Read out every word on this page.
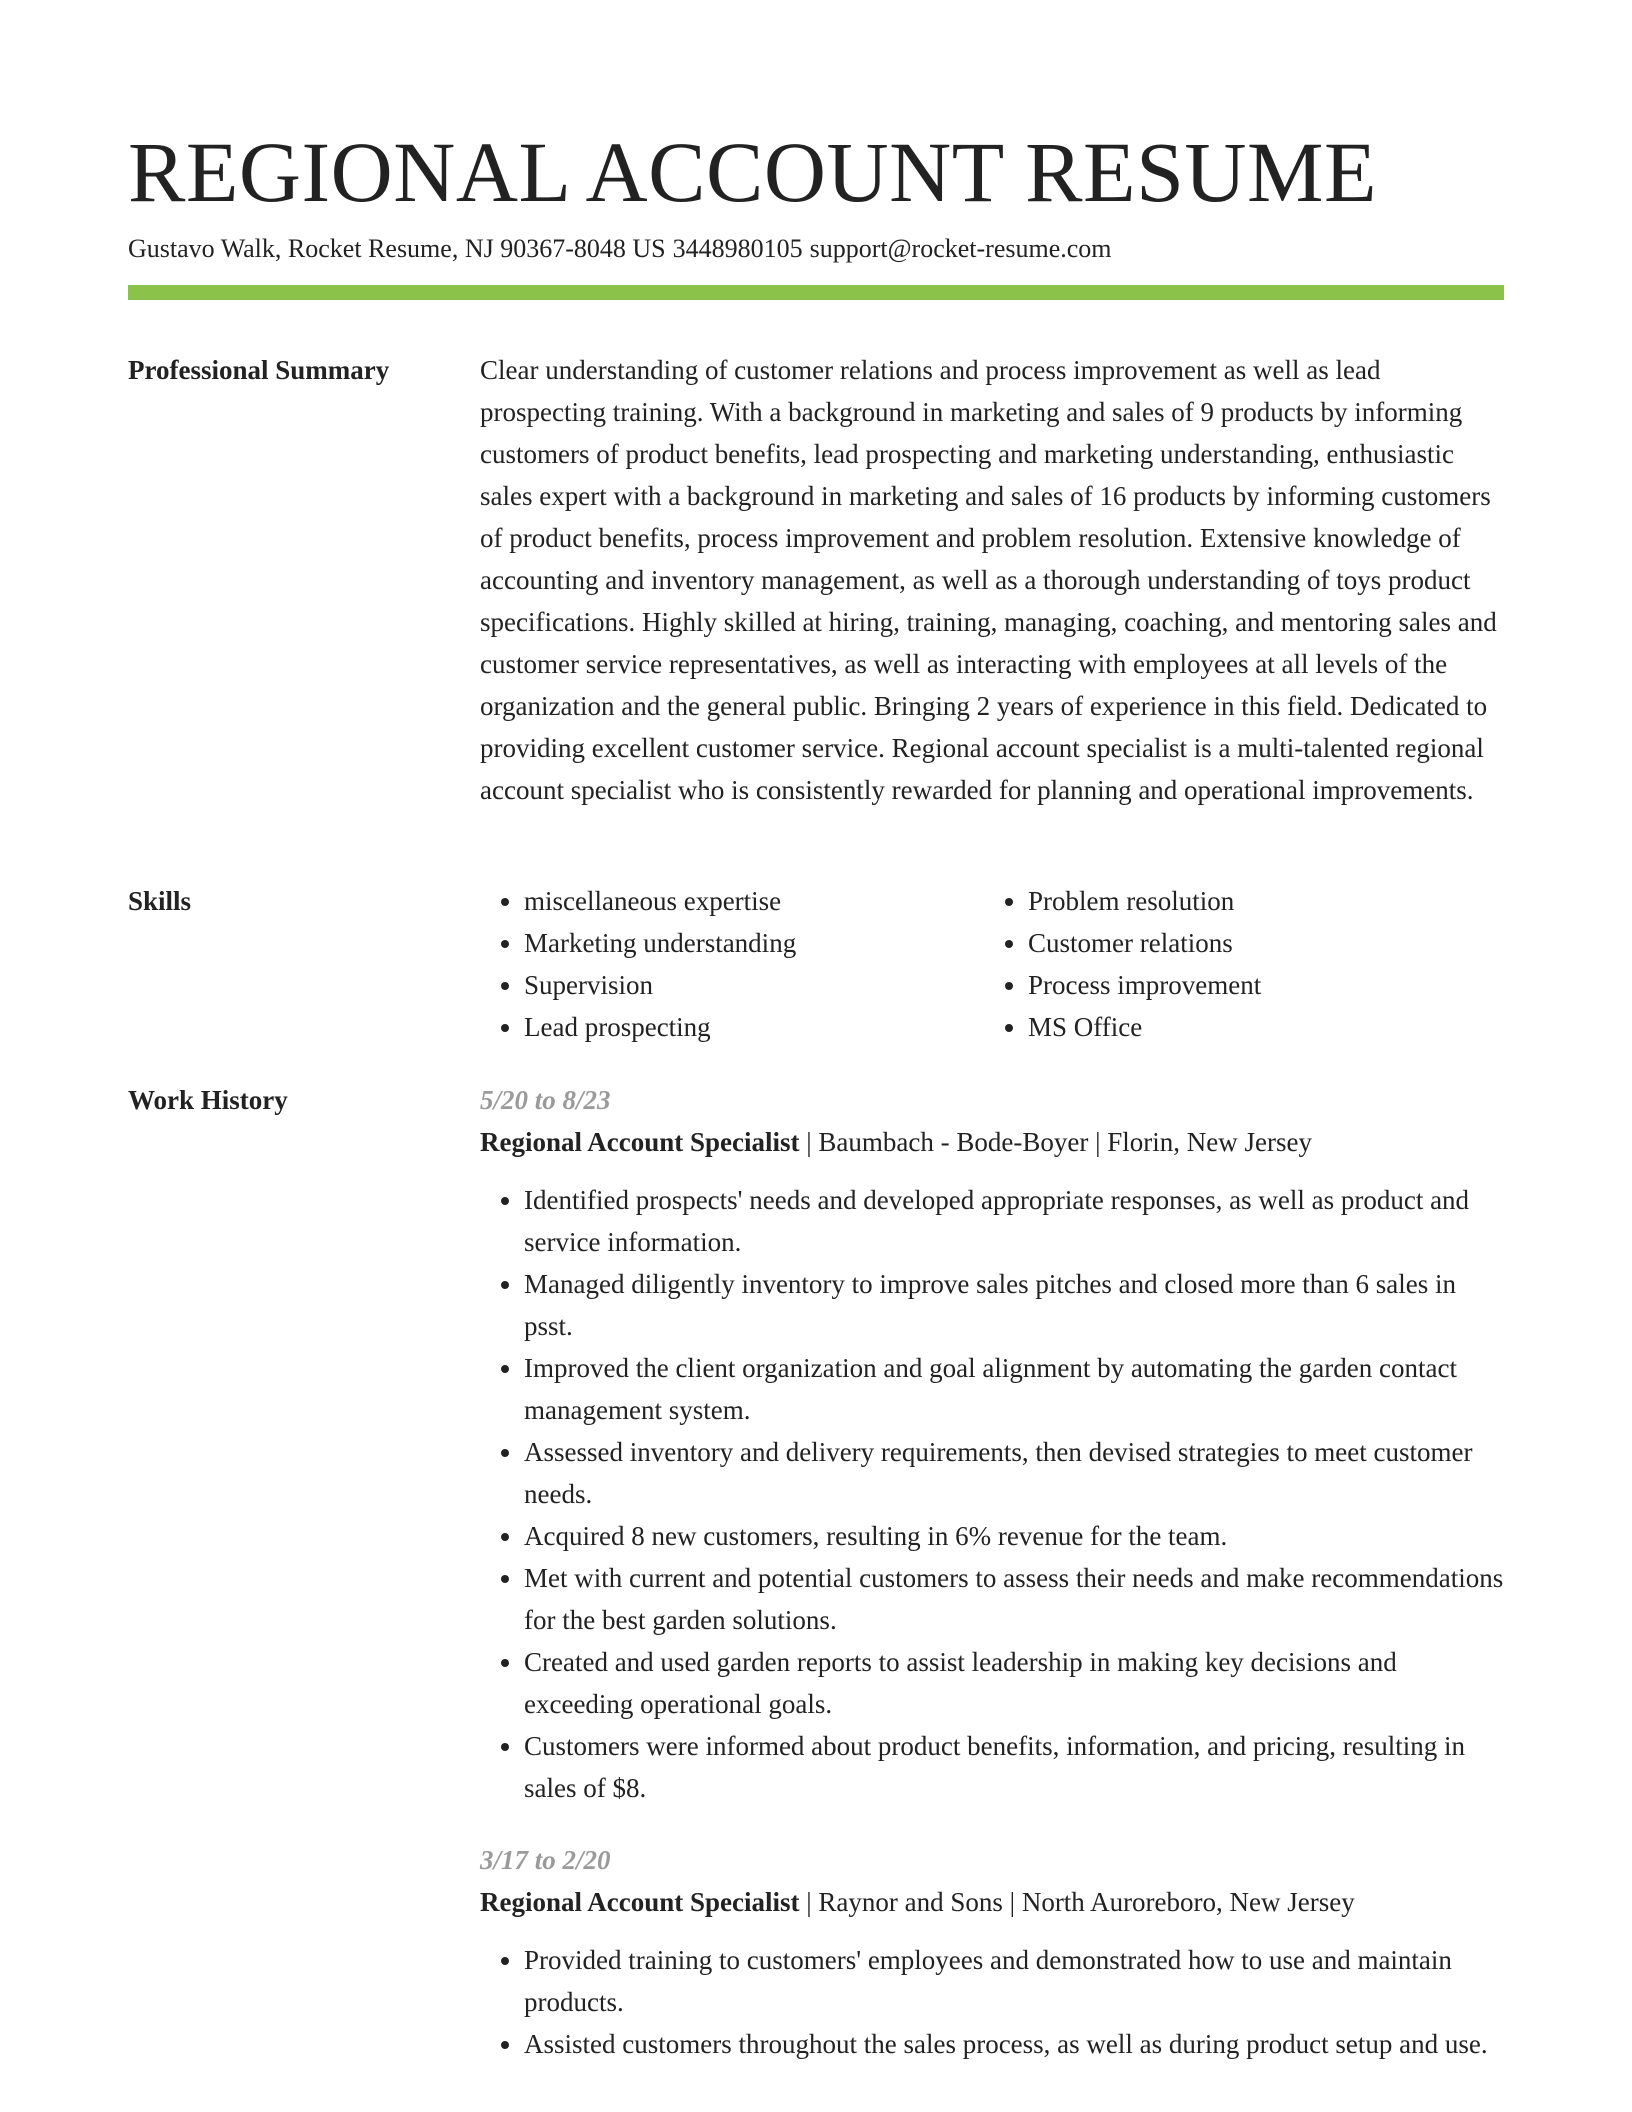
REGIONAL ACCOUNT RESUME
Gustavo Walk, Rocket Resume, NJ 90367-8048 US 3448980105 support@rocket-resume.com
Professional Summary	Clear understanding of customer relations and process improvement as well as lead prospecting training. With a background in marketing and sales of 9 products by informing customers of product benefits, lead prospecting and marketing understanding, enthusiastic sales expert with a background in marketing and sales of 16 products by informing customers of product benefits, process improvement and problem resolution. Extensive knowledge of accounting and inventory management, as well as a thorough understanding of toys product specifications. Highly skilled at hiring, training, managing, coaching, and mentoring sales and customer service representatives, as well as interacting with employees at all levels of the organization and the general public. Bringing 2 years of experience in this field. Dedicated to providing excellent customer service. Regional account specialist is a multi-talented regional account specialist who is consistently rewarded for planning and operational improvements.

Skills
•	miscellaneous expertise
• Marketing understanding
• Supervision
• Lead prospecting
• Problem resolution
• Customer relations
• Process improvement
• MS Office
Work History	5/20 to 8/23
Regional Account Specialist | Baumbach - Bode-Boyer | Florin, New Jersey
• Identified prospects' needs and developed appropriate responses, as well as product and service information.
• Managed diligently inventory to improve sales pitches and closed more than 6 sales in psst.
• Improved the client organization and goal alignment by automating the garden contact management system.
• Assessed inventory and delivery requirements, then devised strategies to meet customer needs.
• Acquired 8 new customers, resulting in 6% revenue for the team.
• Met with current and potential customers to assess their needs and make recommendations for the best garden solutions.
• Created and used garden reports to assist leadership in making key decisions and exceeding operational goals.
• Customers were informed about product benefits, information, and pricing, resulting in sales of $8.
3/17 to 2/20
Regional Account Specialist | Raynor and Sons | North Auroreboro, New Jersey
• Provided training to customers' employees and demonstrated how to use and maintain products.
• Assisted customers throughout the sales process, as well as during product setup and use.
